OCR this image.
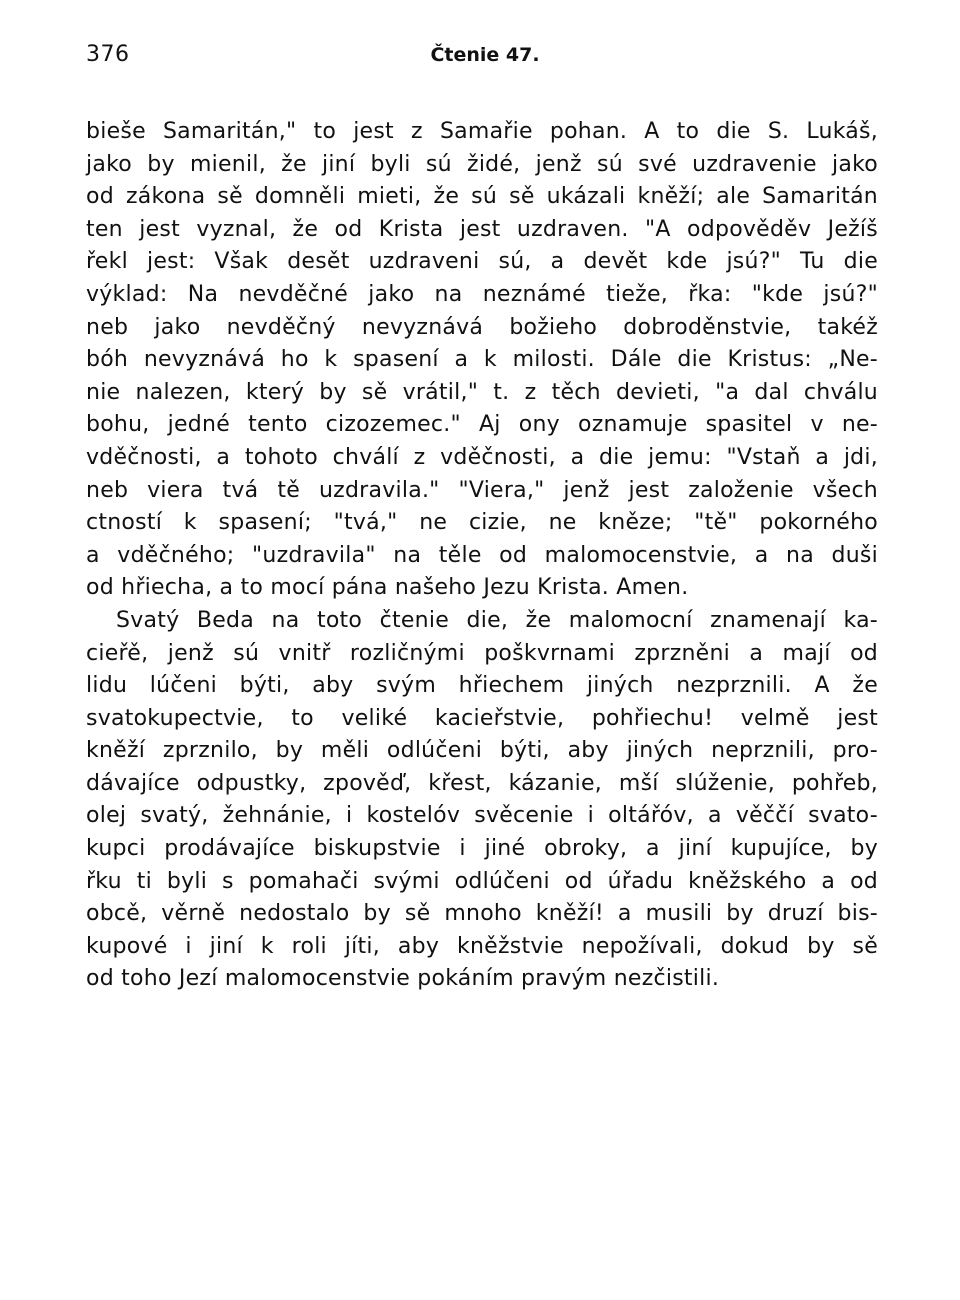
376	Čtenie 47.
bieše Samaritán," to jest z Samařie pohan. A to die S. Lukáš,
jako by mienil, že jiní byli sú židé, jenž sú své uzdravenie jako
od zákona sě domněli mieti, že sú sě ukázali kněží; ale Samaritán
ten jest vyznal, že od Krista jest uzdraven. "A odpověděv Ježíš
řekl jest: Však desět uzdraveni sú, a devět kde jsú?" Tu die
výklad: Na nevděčné jako na neznámé tieže, řka: "kde jsú?"
neb jako nevděčný nevyznává božieho dobroděnstvie, takéž
bóh nevyznává ho k spasení a k milosti. Dále die Kristus: „Ne-
nie nalezen, který by sě vrátil," t. z těch devieti, "a dal chválu
bohu, jedné tento cizozemec." Aj ony oznamuje spasitel v ne-
vděčnosti, a tohoto chválí z vděčnosti, a die jemu: "Vstaň a jdi,
neb viera tvá tě uzdravila." "Viera," jenž jest založenie všech
ctností k spasení; "tvá," ne cizie, ne kněze; "tě" pokorného
a vděčného; "uzdravila" na těle od malomocenstvie, a na duši
od hřiecha, a to mocí pána našeho Jezu Krista. Amen.
Svatý Beda na toto čtenie die, že malomocní znamenají ka-
cieřě, jenž sú vnitř rozličnými poškvrnami zprzněni a mají od
lidu lúčeni býti, aby svým hřiechem jiných nezprznili. A že
svatokupectvie, to veliké kacieřstvie, pohřiechu! velmě jest
kněží zprznilo, by měli odlúčeni býti, aby jiných neprznili, pro-
dávajíce odpustky, zpověď, křest, kázanie, mší slúženie, pohřeb,
olej svatý, žehnánie, i kostelóv svěcenie i oltářóv, a věččí svato-
kupci prodávajíce biskupstvie i jiné obroky, a jiní kupujíce, by
řku ti byli s pomahači svými odlúčeni od úřadu kněžského a od
obcě, věrně nedostalo by sě mnoho kněží! a musili by druzí bis-
kupové i jiní k roli jíti, aby kněžstvie nepožívali, dokud by sě
od toho Jezí malomocenstvie pokáním pravým nezčistili.
